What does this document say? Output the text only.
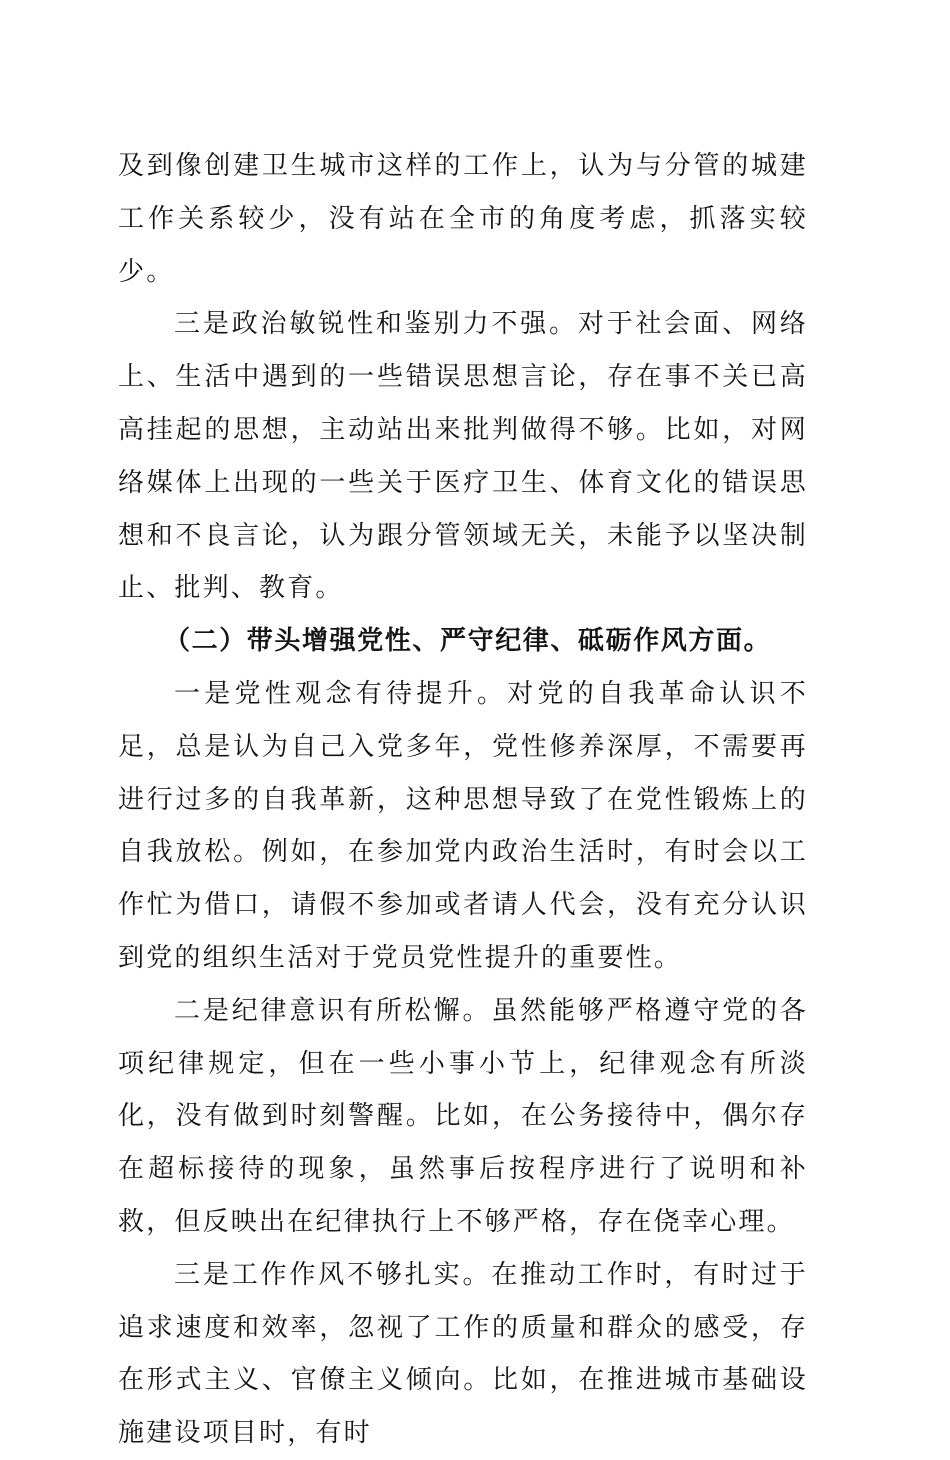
及到像创建卫生城市这样的工作上，认为与分管的城建工作关系较少，没有站在全市的角度考虑，抓落实较少。

三是政治敏锐性和鉴别力不强。对于社会面、网络上、生活中遇到的一些错误思想言论，存在事不关已高高挂起的思想，主动站出来批判做得不够。比如，对网络媒体上出现的一些关于医疗卫生、体育文化的错误思想和不良言论，认为跟分管领域无关，未能予以坚决制止、批判、教育。

（二）带头增强党性、严守纪律、砥砺作风方面。

一是党性观念有待提升。对党的自我革命认识不足，总是认为自己入党多年，党性修养深厚，不需要再进行过多的自我革新，这种思想导致了在党性锻炼上的自我放松。例如，在参加党内政治生活时，有时会以工作忙为借口，请假不参加或者请人代会，没有充分认识到党的组织生活对于党员党性提升的重要性。

二是纪律意识有所松懈。虽然能够严格遵守党的各项纪律规定，但在一些小事小节上，纪律观念有所淡化，没有做到时刻警醒。比如，在公务接待中，偶尔存在超标接待的现象，虽然事后按程序进行了说明和补救，但反映出在纪律执行上不够严格，存在侥幸心理。

三是工作作风不够扎实。在推动工作时，有时过于追求速度和效率，忽视了工作的质量和群众的感受，存在形式主义、官僚主义倾向。比如，在推进城市基础设施建设项目时，有时
